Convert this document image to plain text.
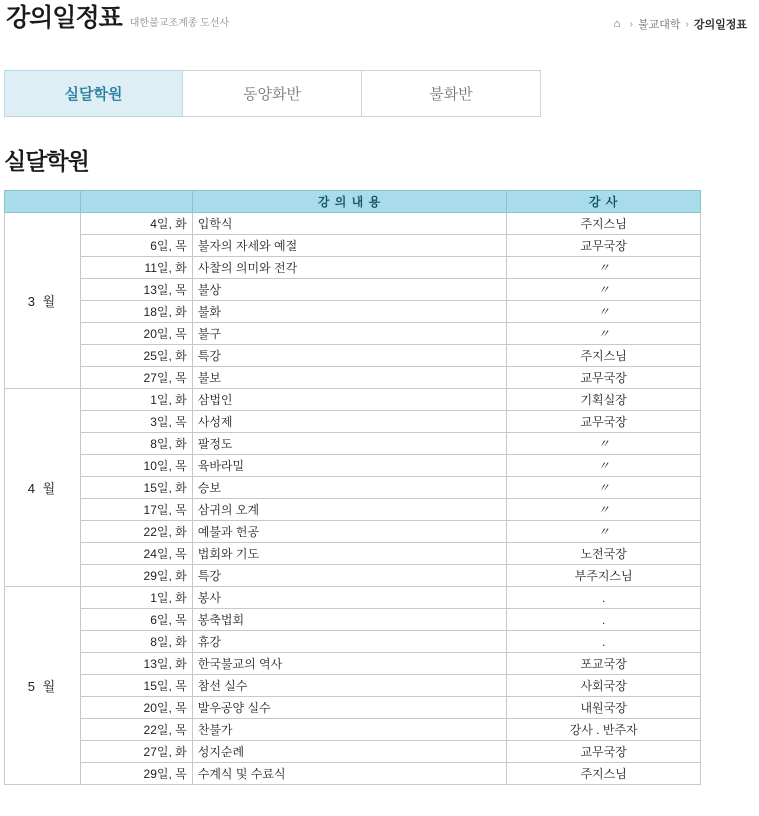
강의일정표 대한불교조계종 도선사	⌂ › 불교대학 › 강의일정표
실달학원	동양화반	불화반
실달학원
		강 의 내 용	강 사
3 월	4일, 화	입학식	주지스님
	6일, 목	불자의 자세와 예절	교무국장
	11일, 화	사찰의 의미와 전각	〃
	13일, 목	불상	〃
	18일, 화	불화	〃
	20일, 목	불구	〃
	25일, 화	특강	주지스님
	27일, 목	불보	교무국장
4 월	1일, 화	삼법인	기획실장
	3일, 목	사성제	교무국장
	8일, 화	팔정도	〃
	10일, 목	육바라밀	〃
	15일, 화	승보	〃
	17일, 목	삼귀의 오계	〃
	22일, 화	예불과 헌공	〃
	24일, 목	법회와 기도	노전국장
	29일, 화	특강	부주지스님
5 월	1일, 화	봉사	.
	6일, 목	봉축법회	.
	8일, 화	휴강	.
	13일, 화	한국불교의 역사	포교국장
	15일, 목	참선 실수	사회국장
	20일, 목	발우공양 실수	내원국장
	22일, 목	찬불가	강사 . 반주자
	27일, 화	성지순례	교무국장
	29일, 목	수계식 및 수료식	주지스님
